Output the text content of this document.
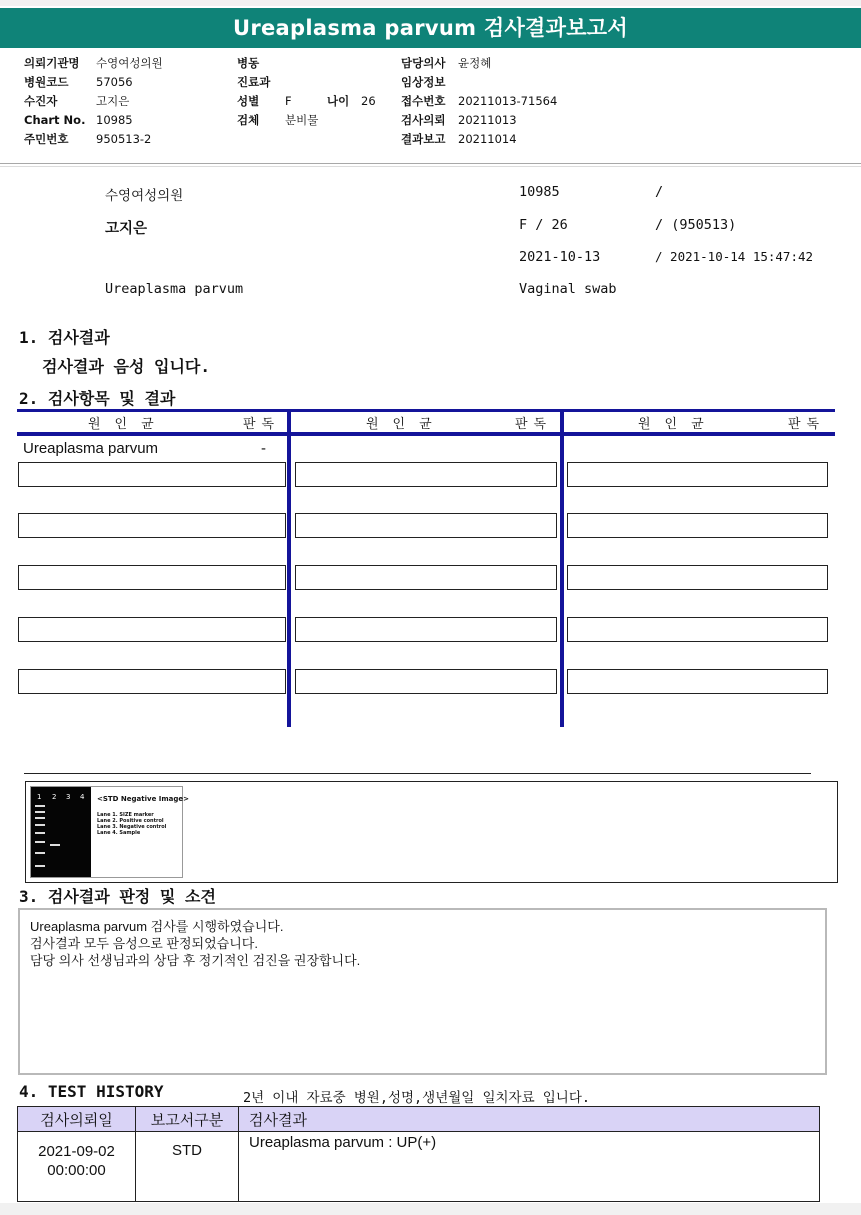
Ureaplasma parvum 검사결과보고서
의뢰기관명 수영여성의원
병원코드 57056
수진자	고지은
Chart No. 10985
주민번호 950513-2
병동
진료과
성별 F	나이 26
검체 분비물
담당의사 윤정혜
임상정보
접수번호 20211013-71564
검사의뢰 20211013
결과보고 20211014
수영여성의원	10985	/
고지은	F / 26	/ (950513)
2021-10-13	/ 2021-10-14 15:47:42
Ureaplasma parvum	Vaginal swab
1. 검사결과
검사결과 음성 입니다.
2. 검사항목 및 결과
원인균	판독	원인균	판독	원인균	판독
Ureaplasma parvum	-
1 2 3 4 <STD Negative Image>
Lane 1. SIZE marker
Lane 2. Positive control
Lane 3. Negative control
Lane 4. Sample
3. 검사결과 판정 및 소견
Ureaplasma parvum 검사를 시행하였습니다.
검사결과 모두 음성으로 판정되었습니다.
담당 의사 선생님과의 상담 후 정기적인 검진을 권장합니다.
4. TEST HISTORY	2년 이내 자료중 병원,성명,생년월일 일치자료 입니다.
검사의뢰일	보고서구분	검사결과

2021-09-02
00:00:00	STD	Ureaplasma parvum : UP(+)
